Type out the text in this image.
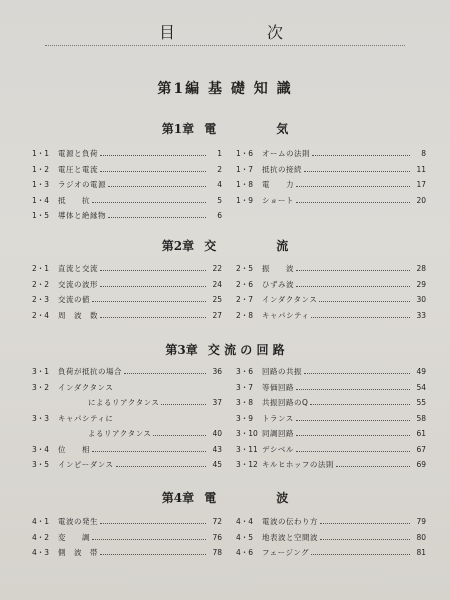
目　次
第1編 基 礎 知 識
第1章 電　　　　　気
1・1	電源と負荷	1
1・2	電圧と電流	2
1・3	ラジオの電源	4
1・4	抵　　抗	5
1・5	導体と絶縁物	6
1・6	オームの法則	8
1・7	抵抗の接続	11
1・8	電　　力	17
1・9	ショート	20
第2章 交　　　　　流
2・1	直流と交流	22
2・2	交流の波形	24
2・3	交流の値	25
2・4	周　波　数	27
2・5	振　　波	28
2・6	ひずみ波	29
2・7	インダクタンス	30
2・8	キャパシティ	33
第3章 交 流 の 回 路
3・1	負荷が抵抗の場合	36
3・2	インダクタンス
によるリアクタンス	37
3・3	キャパシティに
よるリアクタンス	40
3・4	位　　相	43
3・5	インピーダンス	45
3・6	回路の共振	49
3・7	等価回路	54
3・8	共振回路のQ	55
3・9	トランス	58
3・10 同調回路	61
3・11 デシベル	67
3・12 キルヒホッフの法則	69
第4章 電　　　　　波
4・1	電波の発生	72
4・2	変　　調	76
4・3	側　波　帯	78
4・4	電波の伝わり方	79
4・5	地表波と空間波	80
4・6	フェージング	81
